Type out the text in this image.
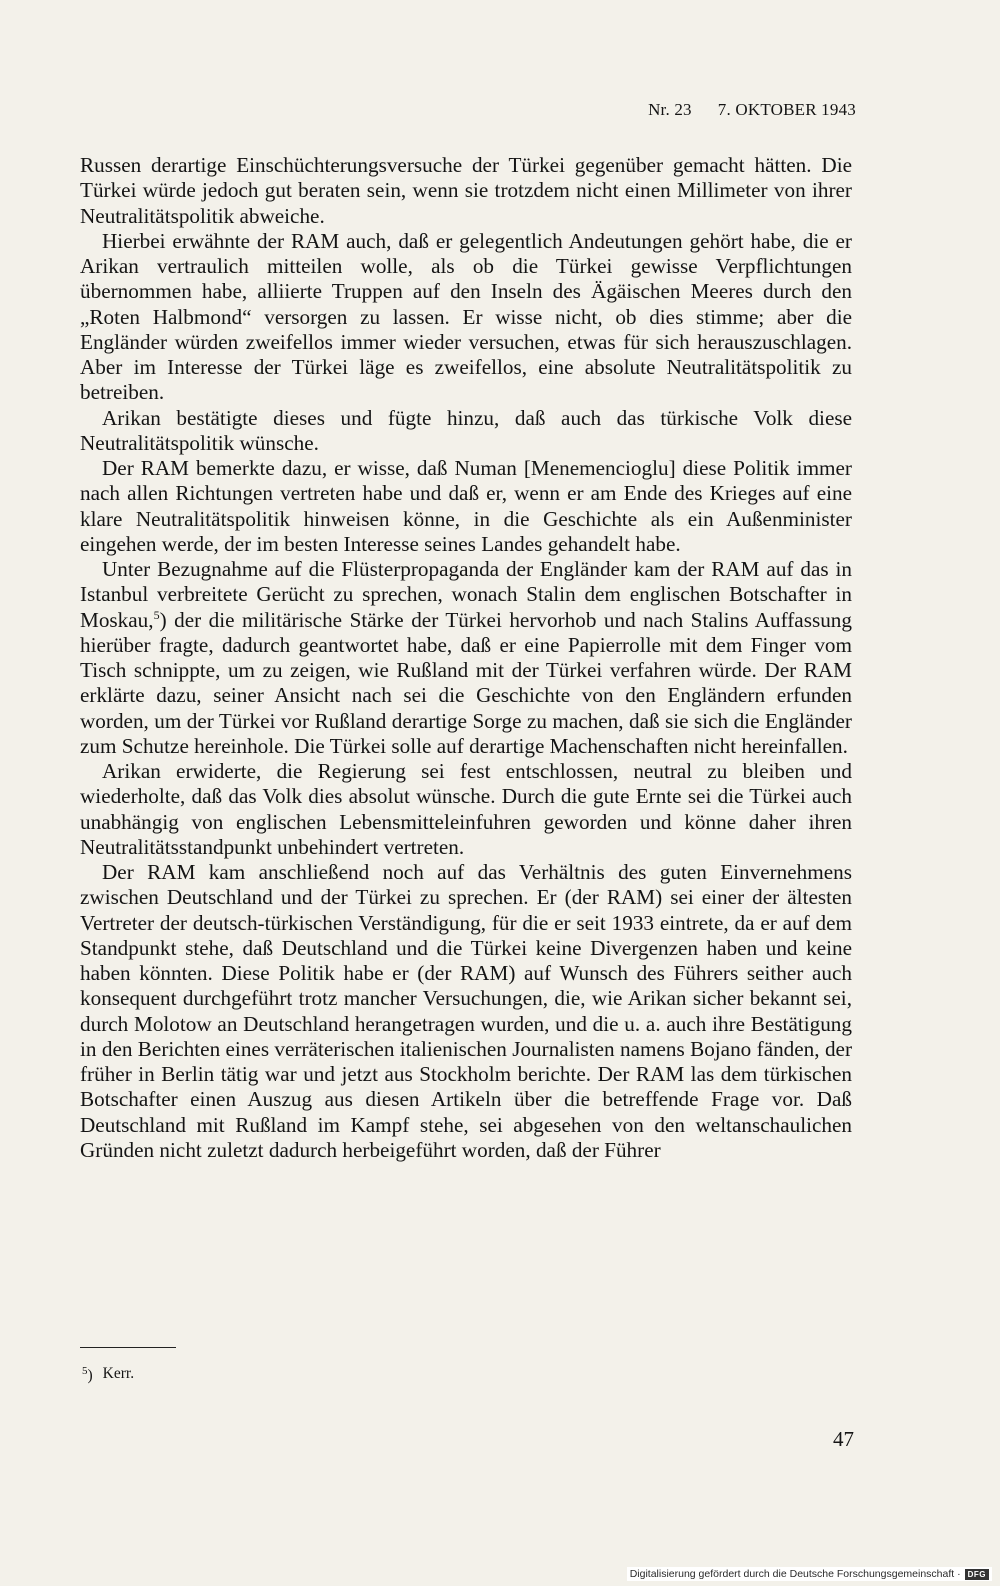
Nr. 23 7. OKTOBER 1943

Russen derartige Einschüchterungsversuche der Türkei gegenüber gemacht hätten. Die Türkei würde jedoch gut beraten sein, wenn sie trotzdem nicht einen Millimeter von ihrer Neutralitätspolitik abweiche.

Hierbei erwähnte der RAM auch, daß er gelegentlich Andeutungen gehört habe, die er Arikan vertraulich mitteilen wolle, als ob die Türkei gewisse Verpflichtungen übernommen habe, alliierte Truppen auf den Inseln des Ägäischen Meeres durch den „Roten Halbmond“ versorgen zu lassen. Er wisse nicht, ob dies stimme; aber die Engländer würden zweifellos immer wieder versuchen, etwas für sich herauszuschlagen. Aber im Interesse der Türkei läge es zweifellos, eine absolute Neutralitätspolitik zu betreiben.

Arikan bestätigte dieses und fügte hinzu, daß auch das türkische Volk diese Neutralitätspolitik wünsche.

Der RAM bemerkte dazu, er wisse, daß Numan [Menemencioglu] diese Politik immer nach allen Richtungen vertreten habe und daß er, wenn er am Ende des Krieges auf eine klare Neutralitätspolitik hinweisen könne, in die Geschichte als ein Außenminister eingehen werde, der im besten Interesse seines Landes gehandelt habe.

Unter Bezugnahme auf die Flüsterpropaganda der Engländer kam der RAM auf das in Istanbul verbreitete Gerücht zu sprechen, wonach Stalin dem englischen Botschafter in Moskau,$^5$) der die militärische Stärke der Türkei hervorhob und nach Stalins Auffassung hierüber fragte, dadurch geantwortet habe, daß er eine Papierrolle mit dem Finger vom Tisch schnippte, um zu zeigen, wie Rußland mit der Türkei verfahren würde. Der RAM erklärte dazu, seiner Ansicht nach sei die Geschichte von den Engländern erfunden worden, um der Türkei vor Rußland derartige Sorge zu machen, daß sie sich die Engländer zum Schutze hereinhole. Die Türkei solle auf derartige Machenschaften nicht hereinfallen.

Arikan erwiderte, die Regierung sei fest entschlossen, neutral zu bleiben und wiederholte, daß das Volk dies absolut wünsche. Durch die gute Ernte sei die Türkei auch unabhängig von englischen Lebensmitteleinfuhren geworden und könne daher ihren Neutralitätsstandpunkt unbehindert vertreten.

Der RAM kam anschließend noch auf das Verhältnis des guten Einvernehmens zwischen Deutschland und der Türkei zu sprechen. Er (der RAM) sei einer der ältesten Vertreter der deutsch-türkischen Verständigung, für die er seit 1933 eintrete, da er auf dem Standpunkt stehe, daß Deutschland und die Türkei keine Divergenzen haben und keine haben könnten. Diese Politik habe er (der RAM) auf Wunsch des Führers seither auch konsequent durchgeführt trotz mancher Versuchungen, die, wie Arikan sicher bekannt sei, durch Molotow an Deutschland herangetragen wurden, und die u. a. auch ihre Bestätigung in den Berichten eines verräterischen italienischen Journalisten namens Bojano fänden, der früher in Berlin tätig war und jetzt aus Stockholm berichte. Der RAM las dem türkischen Botschafter einen Auszug aus diesen Artikeln über die betreffende Frage vor. Daß Deutschland mit Rußland im Kampf stehe, sei abgesehen von den weltanschaulichen Gründen nicht zuletzt dadurch herbeigeführt worden, daß der Führer

$^5$) Kerr.
47
Digitalisierung gefördert durch die Deutsche Forschungsgemeinschaft · DFG
